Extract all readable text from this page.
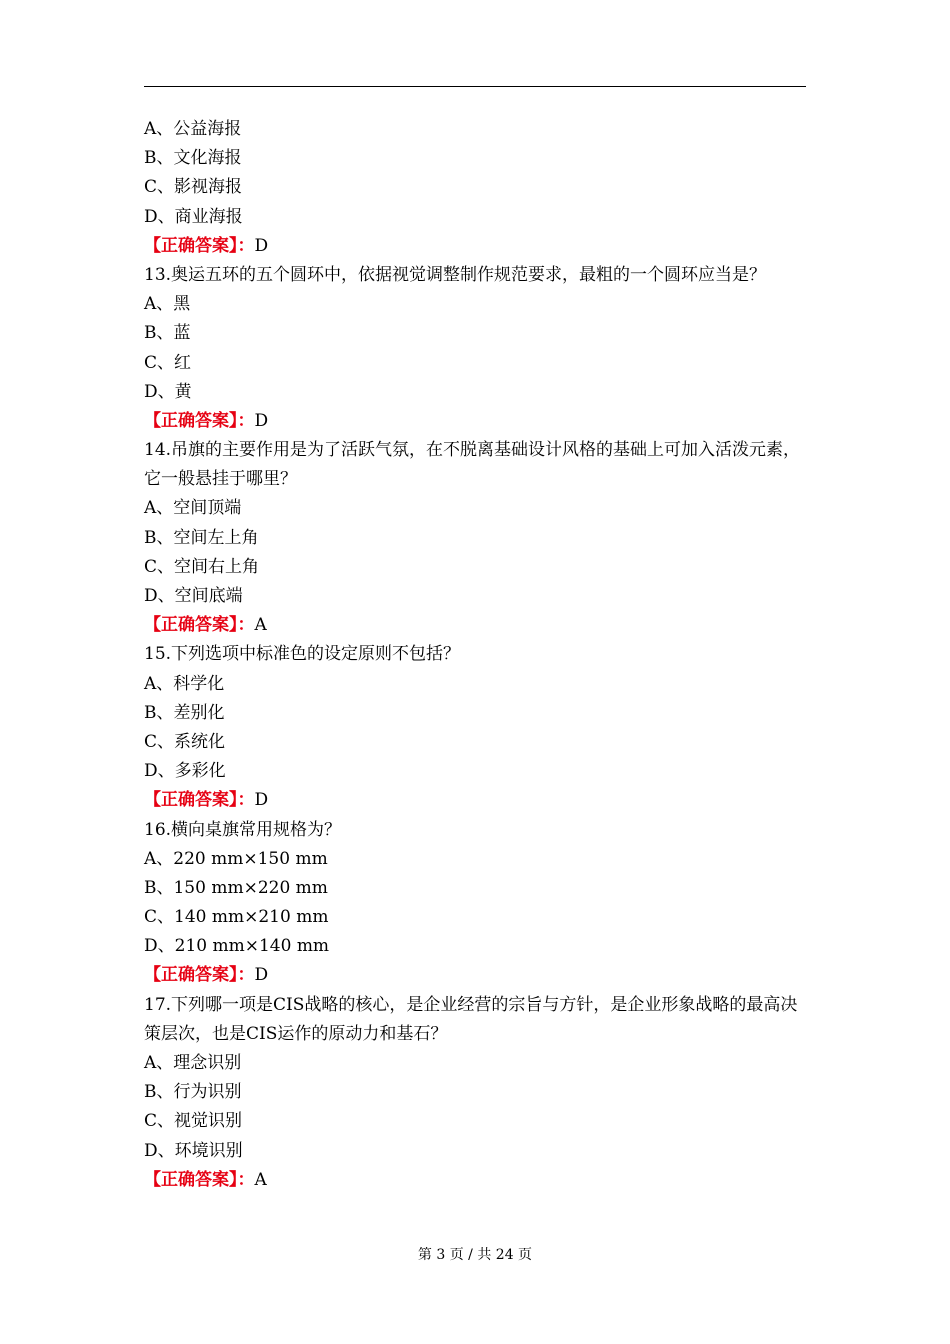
A、公益海报
B、文化海报
C、影视海报
D、商业海报
【正确答案】：D
13.奥运五环的五个圆环中，依据视觉调整制作规范要求，最粗的一个圆环应当是？
A、黑
B、蓝
C、红
D、黄
【正确答案】：D
14.吊旗的主要作用是为了活跃气氛，在不脱离基础设计风格的基础上可加入活泼元素，它一般悬挂于哪里？
A、空间顶端
B、空间左上角
C、空间右上角
D、空间底端
【正确答案】：A
15.下列选项中标准色的设定原则不包括？
A、科学化
B、差别化
C、系统化
D、多彩化
【正确答案】：D
16.横向桌旗常用规格为？
A、220 mm×150 mm
B、150 mm×220 mm
C、140 mm×210 mm
D、210 mm×140 mm
【正确答案】：D
17.下列哪一项是CIS战略的核心，是企业经营的宗旨与方针，是企业形象战略的最高决策层次，也是CIS运作的原动力和基石？
A、理念识别
B、行为识别
C、视觉识别
D、环境识别
【正确答案】：A
第 3 页 / 共 24 页
